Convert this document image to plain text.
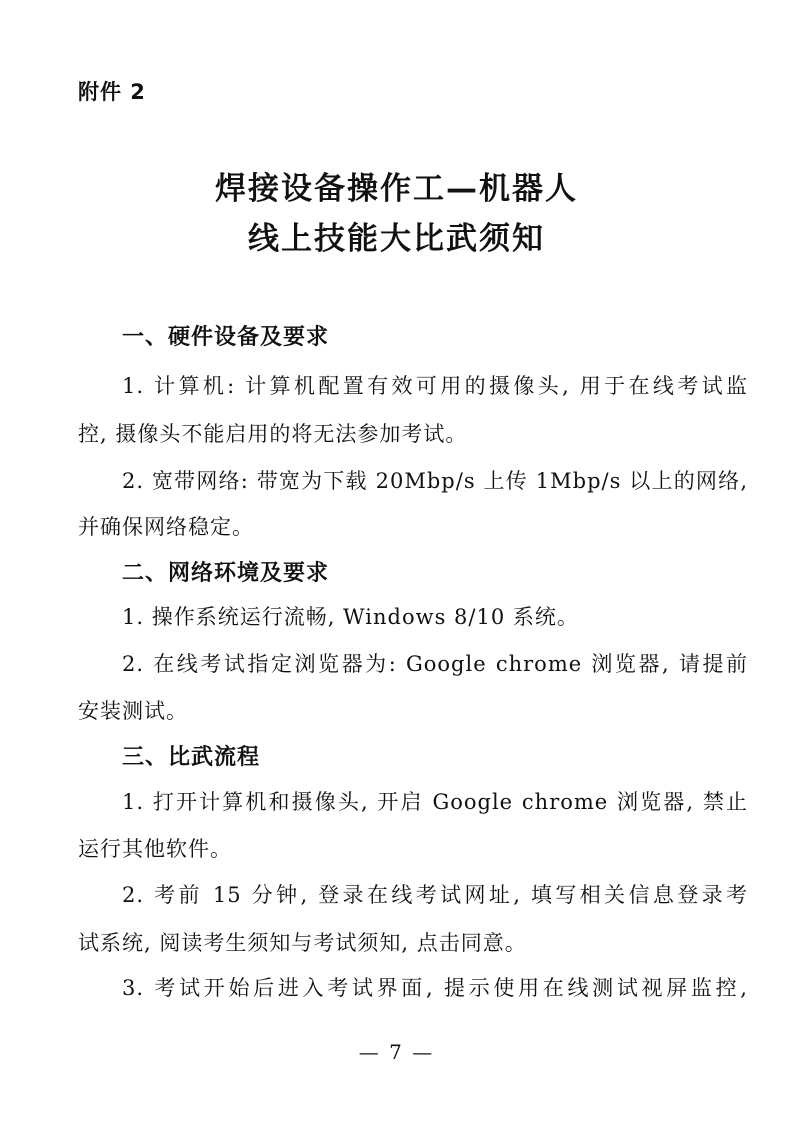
附件 2
焊接设备操作工—机器人
线上技能大比武须知
一、硬件设备及要求
1. 计算机: 计算机配置有效可用的摄像头, 用于在线考试监
控, 摄像头不能启用的将无法参加考试。
2. 宽带网络: 带宽为下载 20Mbp/s 上传 1Mbp/s 以上的网络,
并确保网络稳定。
二、网络环境及要求
1. 操作系统运行流畅, Windows 8/10 系统。
2. 在线考试指定浏览器为: Google chrome 浏览器, 请提前
安装测试。
三、比武流程
1. 打开计算机和摄像头, 开启 Google chrome 浏览器, 禁止
运行其他软件。
2. 考前 15 分钟, 登录在线考试网址, 填写相关信息登录考
试系统, 阅读考生须知与考试须知, 点击同意。
3. 考试开始后进入考试界面, 提示使用在线测试视屏监控,
— 7 —
